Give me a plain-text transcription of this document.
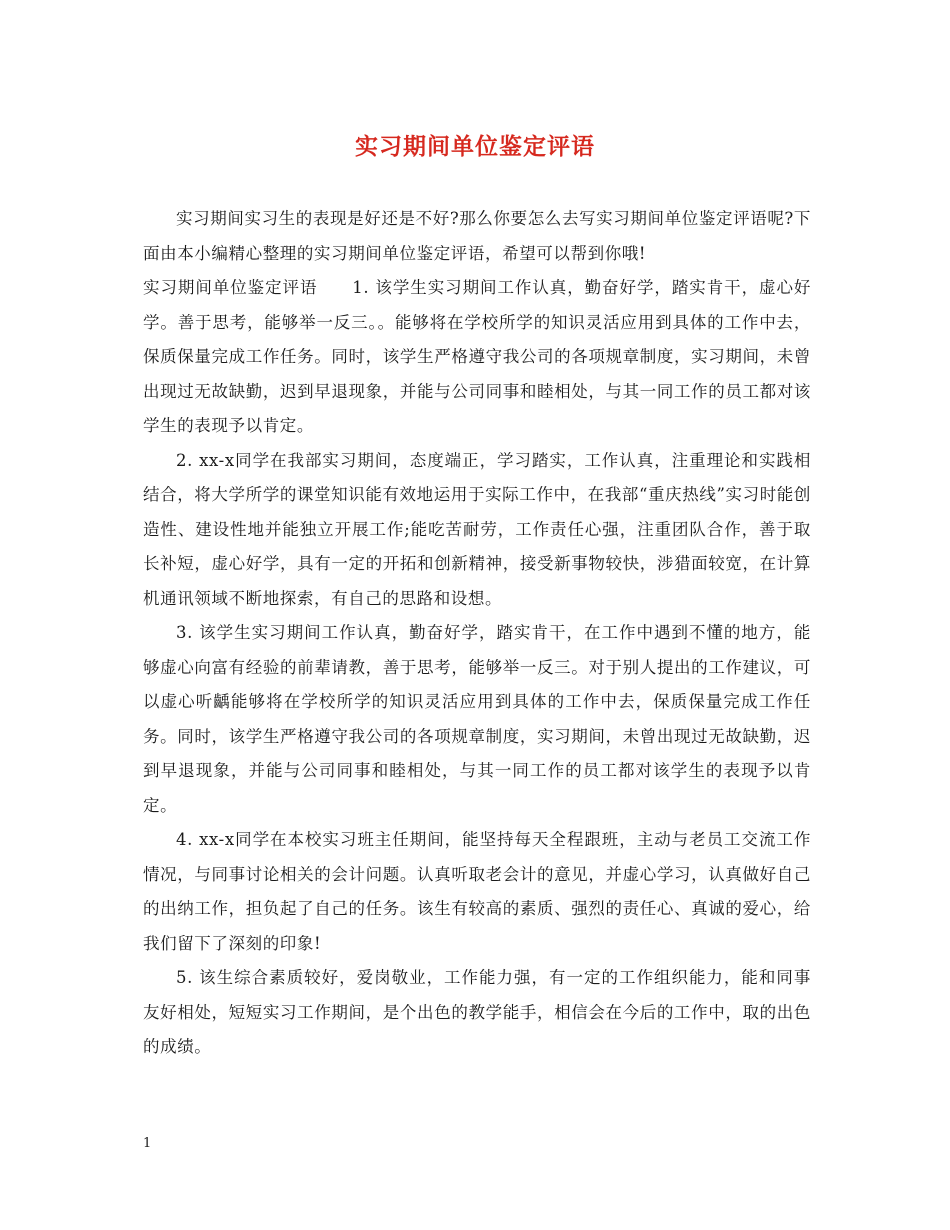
实习期间单位鉴定评语

实习期间实习生的表现是好还是不好?那么你要怎么去写实习期间单位鉴定评语呢?下面由本小编精心整理的实习期间单位鉴定评语，希望可以帮到你哦!

实习期间单位鉴定评语　　1. 该学生实习期间工作认真，勤奋好学，踏实肯干，虚心好学。善于思考，能够举一反三。。能够将在学校所学的知识灵活应用到具体的工作中去，保质保量完成工作任务。同时，该学生严格遵守我公司的各项规章制度，实习期间，未曾出现过无故缺勤，迟到早退现象，并能与公司同事和睦相处，与其一同工作的员工都对该学生的表现予以肯定。

2. xx-x同学在我部实习期间，态度端正，学习踏实，工作认真，注重理论和实践相结合，将大学所学的课堂知识能有效地运用于实际工作中，在我部“重庆热线”实习时能创造性、建设性地并能独立开展工作;能吃苦耐劳，工作责任心强，注重团队合作，善于取长补短，虚心好学，具有一定的开拓和创新精神，接受新事物较快，涉猎面较宽，在计算机通讯领域不断地探索，有自己的思路和设想。

3. 该学生实习期间工作认真，勤奋好学，踏实肯干，在工作中遇到不懂的地方，能够虚心向富有经验的前辈请教，善于思考，能够举一反三。对于别人提出的工作建议，可以虚心听齲能够将在学校所学的知识灵活应用到具体的工作中去，保质保量完成工作任务。同时，该学生严格遵守我公司的各项规章制度，实习期间，未曾出现过无故缺勤，迟到早退现象，并能与公司同事和睦相处，与其一同工作的员工都对该学生的表现予以肯定。

4. xx-x同学在本校实习班主任期间，能坚持每天全程跟班，主动与老员工交流工作情况，与同事讨论相关的会计问题。认真听取老会计的意见，并虚心学习，认真做好自己的出纳工作，担负起了自己的任务。该生有较高的素质、强烈的责任心、真诚的爱心，给我们留下了深刻的印象!

5. 该生综合素质较好，爱岗敬业，工作能力强，有一定的工作组织能力，能和同事友好相处，短短实习工作期间，是个出色的教学能手，相信会在今后的工作中，取的出色的成绩。

1
